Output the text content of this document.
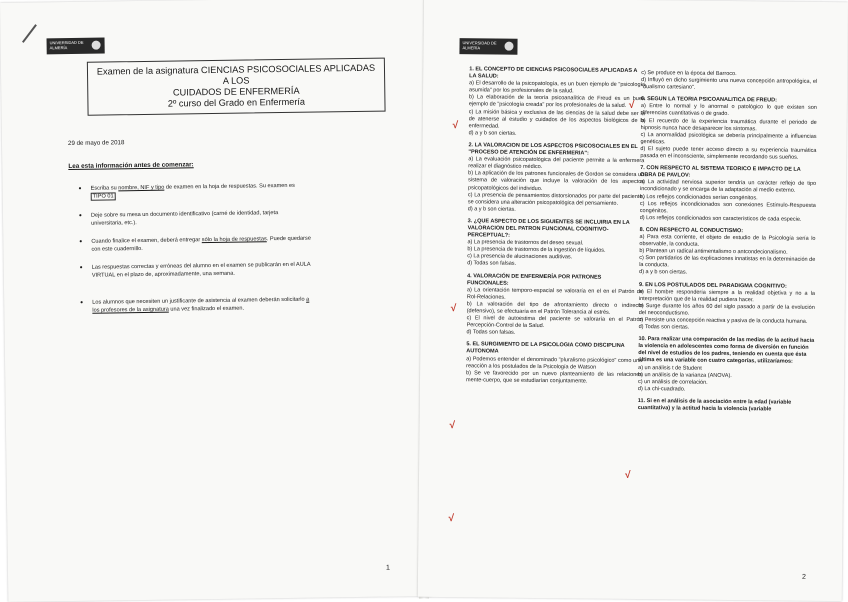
UNIVERSIDAD DE ALMERÍA
Examen de la asignatura CIENCIAS PSICOSOCIALES APLICADAS A LOS
CUIDADOS DE ENFERMERÍA
2º curso del Grado en Enfermería
29 de mayo de 2018
Lea esta información antes de comenzar:
• Escriba su nombre, NIF y tipo de examen en la hoja de respuestas. Su examen es TIPO 01
• Deje sobre su mesa un documento identificativo (carné de identidad, tarjeta universitaria, etc.).
• Cuando finalice el examen, deberá entregar sólo la hoja de respuestas. Puede quedarse con este cuadernillo.
• Las respuestas correctas y erróneas del alumno en el examen se publicarán en el AULA VIRTUAL en el plazo de, aproximadamente, una semana.
• Los alumnos que necesiten un justificante de asistencia al examen deberán solicitarlo a los profesores de la asignatura una vez finalizado el examen.
1
UNIVERSIDAD DE ALMERÍA
1. EL CONCEPTO DE CIENCIAS PSICOSOCIALES APLICADAS A LA SALUD:
a) El desarrollo de la psicopatología, es un buen ejemplo de "psicología asumida" por los profesionales de la salud.
b) La elaboración de la teoría psicoanalítica de Freud es un buen ejemplo de "psicología creada" por los profesionales de la salud.
c) La misión básica y exclusiva de las ciencias de la salud debe ser la de atenerse al estudio y cuidados de los aspectos biológicos de la enfermedad.
d) a y b son ciertas.
2. LA VALORACION DE LOS ASPECTOS PSICOSOCIALES EN EL "PROCESO DE ATENCIÓN DE ENFERMERIA":
a) La evaluación psicopatológica del paciente permite a la enfermera realizar el diagnóstico médico.
b) La aplicación de los patrones funcionales de Gordon se considera un sistema de valoración que incluye la valoración de los aspectos psicopatológicos del individuo.
c) La presencia de pensamientos distorsionados por parte del paciente, se considera una alteración psicopatológica del pensamiento.
d) a y b son ciertas.
3. ¿QUE ASPECTO DE LOS SIGUIENTES SE INCLUIRIA EN LA VALORACION DEL PATRON FUNCIONAL COGNITIVO-PERCEPTUAL?:
a) La presencia de trastornos del deseo sexual.
b) La presencia de trastornos de la ingestión de líquidos.
c) La presencia de alucinaciones auditivas.
d) Todas son falsas.
4. VALORACIÓN DE ENFERMERÍA POR PATRONES FUNCIONALES:
a) La orientación temporo-espacial se valoraría en el en el Patrón de Rol-Relaciones.
b) La valoración del tipo de afrontamiento directo o indirecto (defensivo), se efectuaría en el Patrón Tolerancia al estrés.
c) El nivel de autoestima del paciente se valoraría en el Patrón Percepción-Control de la Salud.
d) Todas son falsas.
5. EL SURGIMIENTO DE LA PSICOLOGIA COMO DISCIPLINA AUTONOMA
a) Podemos entender el denominado "pluralismo psicológico" como una reacción a los postulados de la Psicología de Watson
b) Se ve favorecido por un nuevo planteamiento de las relaciones mente-cuerpo, que se estudiarían conjuntamente.
c) Se produce en la época del Barroco.
d) Influyó en dicho surgimiento una nueva concepción antropológica, el "dualismo cartesiano".
6. SEGUN LA TEORIA PSICOANALITICA DE FREUD:
a) Entre lo normal y lo anormal o patológico lo que existen son diferencias cuantitativas o de grado.
b) El recuerdo de la experiencia traumática durante el periodo de hipnosis nunca hace desaparecer los síntomas.
c) La anormalidad psicológica se debería principalmente a influencias genéticas.
d) El sujeto puede tener acceso directo a su experiencia traumática pasada en el inconsciente, simplemente recordando sus sueños.
7. CON RESPECTO AL SISTEMA TEORICO E IMPACTO DE LA OBRA DE PAVLOV:
a) La actividad nerviosa superior tendría un carácter reflejo de tipo incondicionado y se encarga de la adaptación al medio externo.
b) Los reflejos condicionados serían congénitos.
c) Los reflejos incondicionados son conexiones Estímulo-Respuesta congénitos.
d) Los reflejos condicionados son característicos de cada especie.
8. CON RESPECTO AL CONDUCTISMO:
a) Para esta corriente, el objeto de estudio de la Psicología sería lo observable, la conducta.
b) Plantean un radical antimentalismo o antcondecionalismo.
c) Son partidarios de las explicaciones innatistas en la determinación de la conducta.
d) a y b son ciertas.
9. EN LOS POSTULADOS DEL PARADIGMA COGNITIVO:
a) El hombre respondería siempre a la realidad objetiva y no a la interpretación que de la realidad pudiera hacer.
b) Surge durante los años 60 del siglo pasado a partir de la evolución del neoconductismo.
c) Persiste una concepción reactiva y pasiva de la conducta humana.
d) Todas son ciertas.
10. Para realizar una comparación de las medias de la actitud hacia la violencia en adolescentes como forma de diversión en función del nivel de estudios de los padres, teniendo en cuenta que ésta última es una variable con cuatro categorías, utilizaríamos:
a) un análisis t de Student
b) un análisis de la varianza (ANOVA).
c) un análisis de correlación.
d) La chi-cuadrado.
11. Si en el análisis de la asociación entre la edad (variable cuantitativa) y la actitud hacia la violencia (variable
√
√
√
√
√
√
2
